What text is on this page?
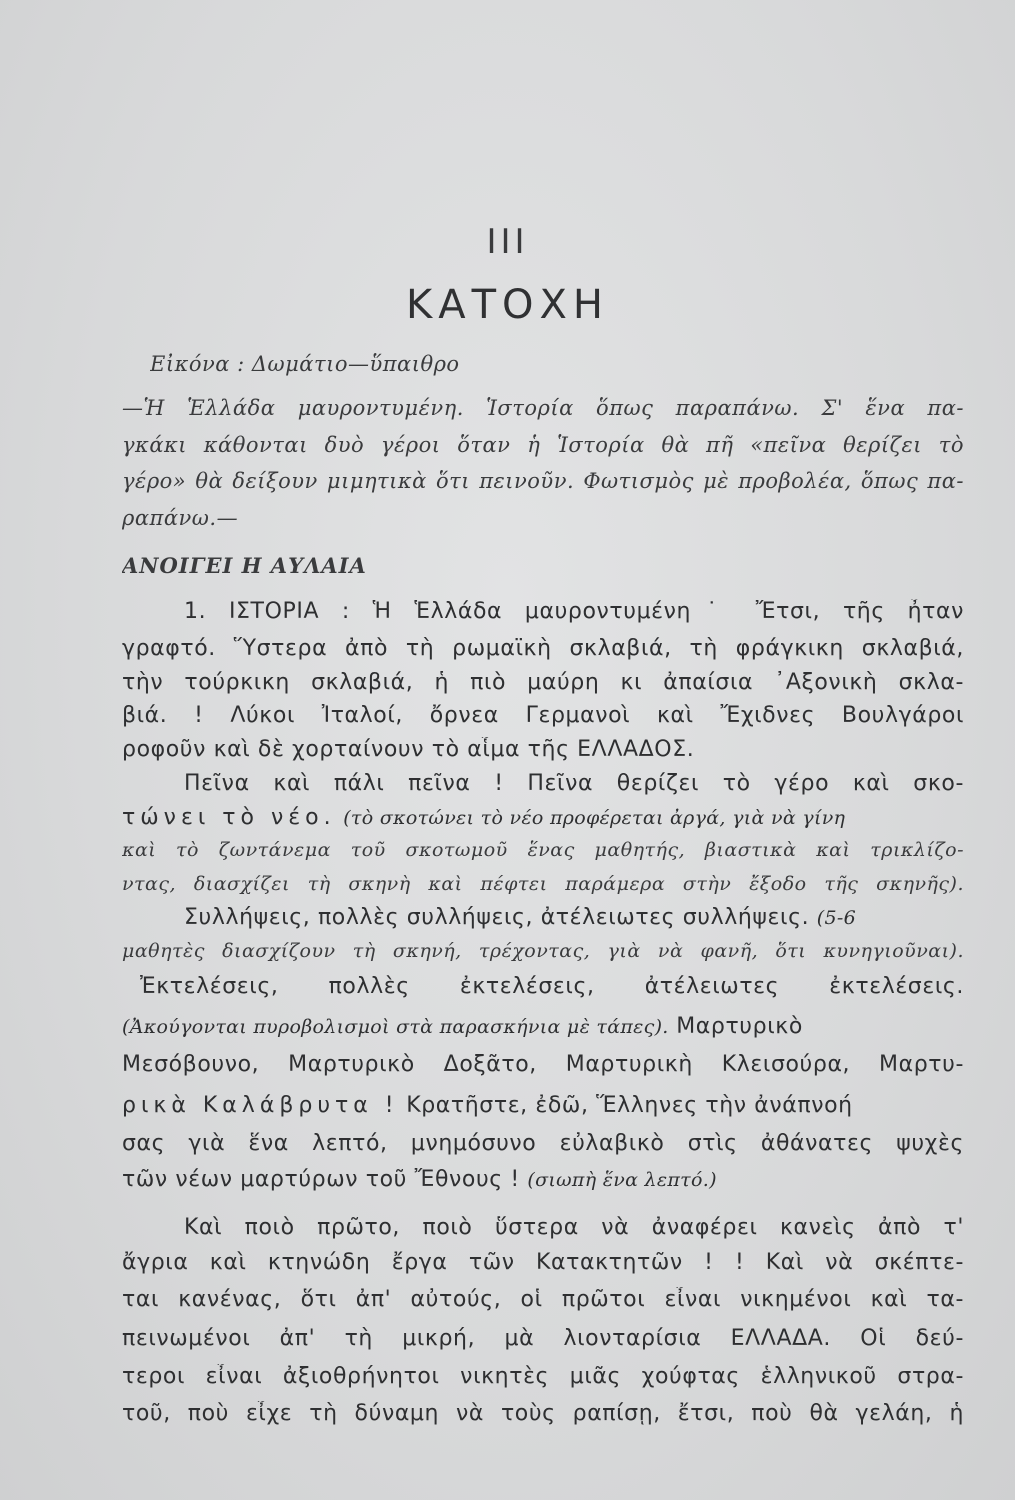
III
ΚΑΤΟΧΗ
Εἰκόνα : Δωμάτιο—ὕπαιθρο
—Ἡ Ἑλλάδα μαυροντυμένη. Ἱστορία ὅπως παραπάνω. Σ' ἕνα πα-
γκάκι κάθονται δυὸ γέροι ὅταν ἡ Ἱστορία θὰ πῆ «πεῖνα θερίζει τὸ
γέρο» θὰ δείξουν μιμητικὰ ὅτι πεινοῦν. Φωτισμὸς μὲ προβολέα, ὅπως πα-
ραπάνω.—
ΑΝΟΙΓΕΙ Η ΑΥΛΑΙΑ
1. ΙΣΤΟΡΙΑ : Ἡ Ἑλλάδα μαυροντυμένη˙ Ἔτσι, τῆς ἦταν
γραφτό. Ὕστερα ἀπὸ τὴ ρωμαϊκὴ σκλαβιά, τὴ φράγκικη σκλαβιά,
τὴν τούρκικη σκλαβιά, ἡ πιὸ μαύρη κι ἀπαίσια ᾿Αξονικὴ σκλα-
βιά. ! Λύκοι Ἰταλοί, ὄρνεα Γερμανοὶ καὶ Ἔχιδνες Βουλγάροι
ροφοῦν καὶ δὲ χορταίνουν τὸ αἷμα τῆς ΕΛΛΑΔΟΣ.
Πεῖνα καὶ πάλι πεῖνα ! Πεῖνα θερίζει τὸ γέρο καὶ σκο-
τώνει τὸ νέο. (τὸ σκοτώνει τὸ νέο προφέρεται ἀργά, γιὰ νὰ γίνη
καὶ τὸ ζωντάνεμα τοῦ σκοτωμοῦ ἕνας μαθητής, βιαστικὰ καὶ τρικλίζο-
ντας, διασχίζει τὴ σκηνὴ καὶ πέφτει παράμερα στὴν ἔξοδο τῆς σκηνῆς).
Συλλήψεις, πολλὲς συλλήψεις, ἀτέλειωτες συλλήψεις. (5-6
μαθητὲς διασχίζουν τὴ σκηνή, τρέχοντας, γιὰ νὰ φανῆ, ὅτι κυνηγιοῦναι).
Ἐκτελέσεις, πολλὲς ἐκτελέσεις, ἀτέλειωτες ἐκτελέσεις.
(Ἀκούγονται πυροβολισμοὶ στὰ παρασκήνια μὲ τάπες). Μαρτυρικὸ
Μεσόβουνο, Μαρτυρικὸ Δοξᾶτο, Μαρτυρικὴ Κλεισούρα, Μαρτυ-
ρικὰ Καλάβρυτα ! Κρατῆστε, ἐδῶ, Ἕλληνες τὴν ἀνάπνοή
σας γιὰ ἕνα λεπτό, μνημόσυνο εὐλαβικὸ στὶς ἀθάνατες ψυχὲς
τῶν νέων μαρτύρων τοῦ Ἔθνους ! (σιωπὴ ἕνα λεπτό.)
Καὶ ποιὸ πρῶτο, ποιὸ ὕστερα νὰ ἀναφέρει κανεὶς ἀπὸ τ'
ἄγρια καὶ κτηνώδη ἔργα τῶν Κατακτητῶν ! ! Καὶ νὰ σκέπτε-
ται κανένας, ὅτι ἀπ' αὐτούς, οἱ πρῶτοι εἶναι νικημένοι καὶ τα-
πεινωμένοι ἀπ' τὴ μικρή, μὰ λιονταρίσια ΕΛΛΑΔΑ. Οἱ δεύ-
τεροι εἶναι ἀξιοθρήνητοι νικητὲς μιᾶς χούφτας ἑλληνικοῦ στρα-
τοῦ, ποὺ εἶχε τὴ δύναμη νὰ τοὺς ραπίσῃ, ἔτσι, ποὺ θὰ γελάη, ἡ
